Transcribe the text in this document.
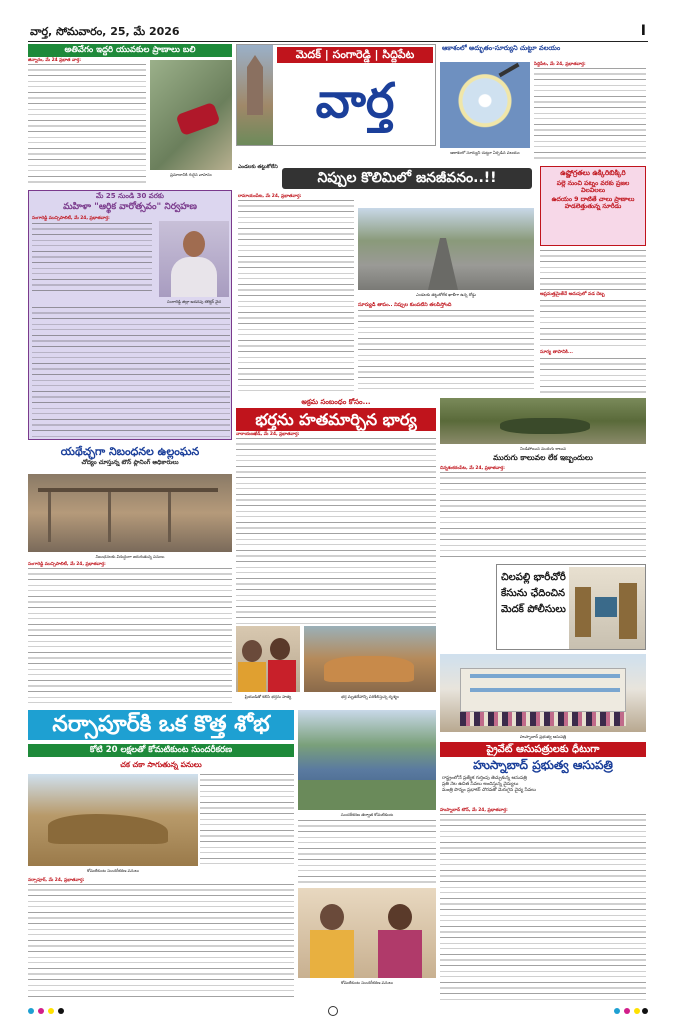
వార్త, సోమవారం, 25, మే 2026	I
అతివేగం ఇద్దరి యువకుల ప్రాణాలు బలి
జిన్నారం, మే 24 ప్రభాత వార్త:
ప్రమాదానికి గురైన వాహనం
మే 25 నుండి 30 వరకు
మహిళా "ఆర్థిక వారోత్సవం" నిర్వహణ
సంగారెడ్డి మున్సిపాలిటీ, మే 24, ప్రభాతవార్త:
సంగారెడ్డి జిల్లా అదనపు కలెక్టర్ వైద
యథేచ్ఛగా నిబంధనల ఉల్లంఘన
చోద్యం చూస్తున్న టౌన్ ప్లానింగ్ అధికారులు
నిబంధనలకు విరుద్ధంగా జరుగుతున్న పనులు
సంగారెడ్డి మున్సిపాలిటీ, మే 24, ప్రభాతవార్త:
మెదక్ | సంగారెడ్డి | సిద్దిపేట
వార్త
ఆకాశంలో అద్భుతం-సూర్యుని చుట్టూ వలయం
ఆకాశంలో సూర్యుని చుట్టూ ఏర్పడిన వలయం
సిద్దిపేట, మే 24, ప్రభాతవార్త:
ఎండలకు తట్టుకోలేని
నిప్పుల కొలిమిలో జనజీవనం..!!
రామాయంపేట, మే 24, ప్రభాతవార్త:
ఎండలకు తట్టుకోలేక ఖాళీగా ఉన్న రోడ్డు
సూర్యుడి తాపం.. నిప్పుల కుంపటిని తలపిస్తోంది
ఉష్ణోగ్రతలు ఉక్కిరిబిక్కిరి
పల్లె నుంచి పట్నం వరకు ప్రజల విలవిలలు
ఉదయం 9 దాటితే చాలు ప్రాణాలు హడలెత్తుతున్న సూరీడు
అప్రమత్తమైతేనే అదుపులో వడ దెబ్బ
సూర్య తాపానికి...
అక్రమ సంబంధం కోసం...
భర్తను హతమార్చిన భార్య
నారాయణఖేడ్, మే 24, ప్రభాతవార్త:
ప్రియుడితో కలిసి భర్తను హత్య	భర్త మృతదేహాన్ని పరిశీలిస్తున్న దృశ్యం
నిండిపోయిన మురుగు కాలువ
మురుగు కాలువల లేక ఇబ్బందులు
చిన్నశంకరంపేట, మే 24, ప్రభాతవార్త:
చిలపల్లి భారీచోరీ
కేసును ఛేదించిన
మెదక్ పోలీసులు
హుస్నాబాద్ ప్రభుత్వ ఆసుపత్రి
ప్రైవేట్ ఆసుపత్రులకు ధీటుగా
హుస్నాబాద్ ప్రభుత్వ ఆసుపత్రి
రాష్ట్రంలోనే ప్రత్యేక గుర్తింపు తెచ్చుకున్న ఆసుపత్రి
ప్రతి నెల ఉచిత సేవలు అందిస్తున్న వైద్యులు
మంత్రి పొన్నం ప్రభాకర్ చొరవతో మెరుగైన వైద్య సేవలు
హుస్నాబాద్ టౌన్, మే 24, ప్రభాతవార్త:
నర్సాపూర్‌కి ఒక కొత్త శోభ
కోటి 20 లక్షలతో కోమటికుంట సుందరీకరణ
చక చకా సాగుతున్న పనులు
కోమటికుంట సుందరీకరణ పనులు
సుందరీకరణ తర్వాత కోమటికుంట
నర్సాపూర్, మే 24, ప్రభాతవార్త:
కోమటికుంట సుందరీకరణ పనులు
